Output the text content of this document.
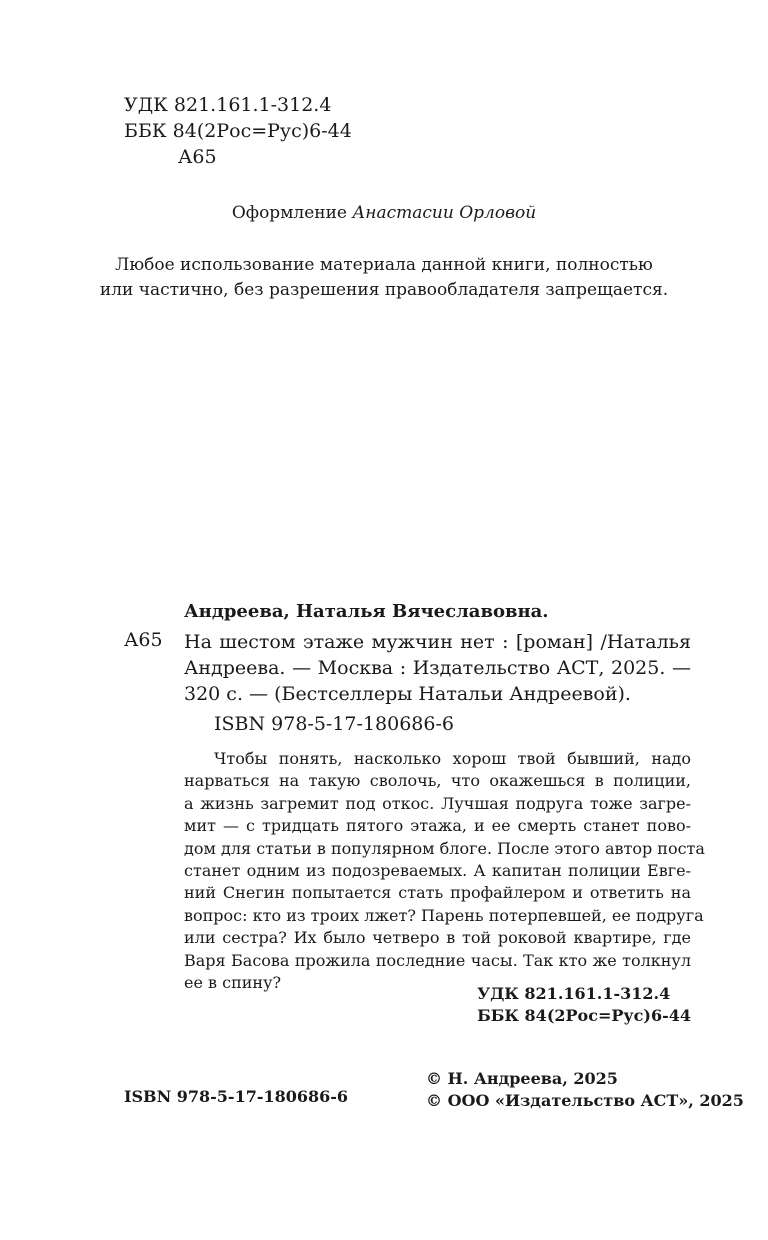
УДК 821.161.1-312.4
ББК 84(2Рос=Рус)6-44
А65
Оформление Анастасии Орловой
Любое использование материала данной книги, полностью
или частично, без разрешения правообладателя запрещается.
Андреева, Наталья Вячеславовна.
А65 На шестом этаже мужчин нет : [роман] /Наталья
Андреева. — Москва : Издательство АСТ, 2025. —
320 с. — (Бестселлеры Натальи Андреевой).
ISBN 978-5-17-180686-6
Чтобы понять, насколько хорош твой бывший, надо
нарваться на такую сволочь, что окажешься в полиции,
а жизнь загремит под откос. Лучшая подруга тоже загре-
мит — с тридцать пятого этажа, и ее смерть станет пово-
дом для статьи в популярном блоге. После этого автор поста
станет одним из подозреваемых. А капитан полиции Евге-
ний Снегин попытается стать профайлером и ответить на
вопрос: кто из троих лжет? Парень потерпевшей, ее подруга
или сестра? Их было четверо в той роковой квартире, где
Варя Басова прожила последние часы. Так кто же толкнул
ее в спину?
УДК 821.161.1-312.4
ББК 84(2Рос=Рус)6-44
ISBN 978-5-17-180686-6
© Н. Андреева, 2025
© ООО «Издательство АСТ», 2025
